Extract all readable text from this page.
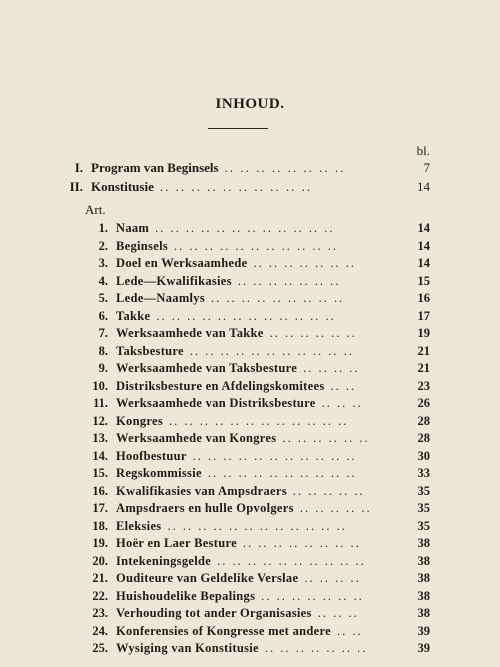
INHOUD.
bl.
I. Program van Beginsels .. .. .. .. .. .. .. ..	7
II. Konstitusie .. .. .. .. .. .. .. .. .. ..	14
Art.
1. Naam .. .. .. .. .. .. .. .. .. .. .. ..	14
2. Beginsels .. .. .. .. .. .. .. .. .. .. ..	14
3. Doel en Werksaamhede .. .. .. .. .. .. ..	14
4. Lede—Kwalifikasies .. .. .. .. .. .. ..	15
5. Lede—Naamlys .. .. .. .. .. .. .. .. ..	16
6. Takke .. .. .. .. .. .. .. .. .. .. .. ..	17
7. Werksaamhede van Takke .. .. .. .. .. ..	19
8. Taksbesture .. .. .. .. .. .. .. .. .. .. ..	21
9. Werksaamhede van Taksbesture .. .. .. ..	21
10. Distriksbesture en Afdelingskomitees .. ..	23
11. Werksaamhede van Distriksbesture .. .. ..	26
12. Kongres .. .. .. .. .. .. .. .. .. .. .. ..	28
13. Werksaamhede van Kongres .. .. .. .. .. ..	28
14. Hoofbestuur .. .. .. .. .. .. .. .. .. .. ..	30
15. Regskommissie .. .. .. .. .. .. .. .. .. ..	33
16. Kwalifikasies van Ampsdraers .. .. .. .. ..	35
17. Ampsdraers en hulle Opvolgers .. .. .. .. ..	35
18. Eleksies .. .. .. .. .. .. .. .. .. .. .. ..	35
19. Hoër en Laer Besture .. .. .. .. .. .. .. ..	38
20. Intekeningsgelde .. .. .. .. .. .. .. .. .. ..	38
21. Ouditeure van Geldelike Verslae .. .. .. ..	38
22. Huishoudelike Bepalings .. .. .. .. .. .. ..	38
23. Verhouding tot ander Organisasies .. .. ..	38
24. Konferensies of Kongresse met andere .. ..	39
25. Wysiging van Konstitusie .. .. .. .. .. .. ..	39
